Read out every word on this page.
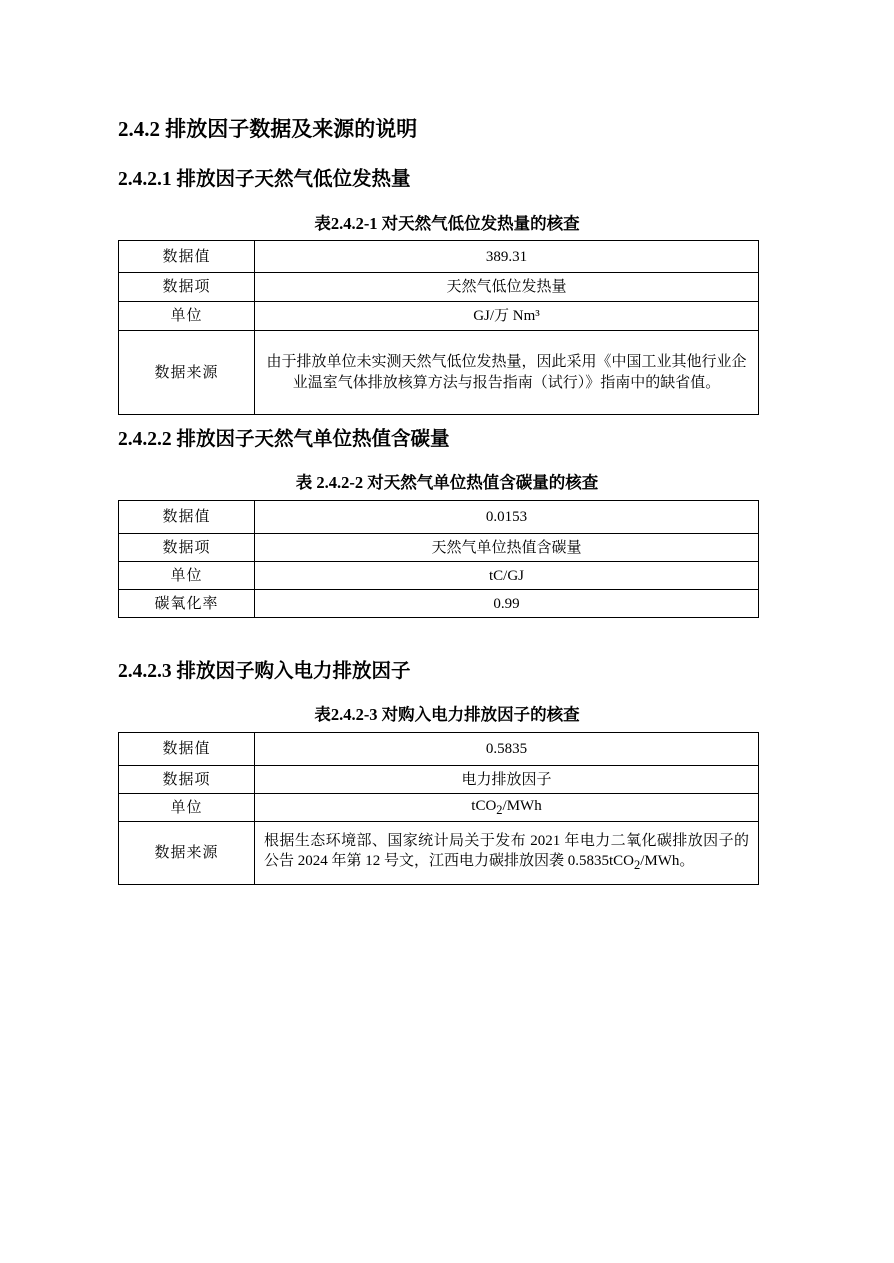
2.4.2 排放因子数据及来源的说明
2.4.2.1 排放因子天然气低位发热量
表2.4.2-1 对天然气低位发热量的核查
数据值	389.31
数据项	天然气低位发热量
单位	GJ/万 Nm³
数据来源	由于排放单位未实测天然气低位发热量，因此采用《中国工业其他行业企业温室气体排放核算方法与报告指南（试行）》指南中的缺省值。
2.4.2.2 排放因子天然气单位热值含碳量
表 2.4.2-2 对天然气单位热值含碳量的核查
数据值	0.0153
数据项	天然气单位热值含碳量
单位	tC/GJ
碳氧化率	0.99
2.4.2.3 排放因子购入电力排放因子
表2.4.2-3 对购入电力排放因子的核查
数据值	0.5835
数据项	电力排放因子
单位	tCO$_2$/MWh
数据来源	根据生态环境部、国家统计局关于发布 2021 年电力二氧化碳排放因子的公告 2024 年第 12 号文，江西电力碳排放因袭 0.5835tCO$_2$/MWh。
